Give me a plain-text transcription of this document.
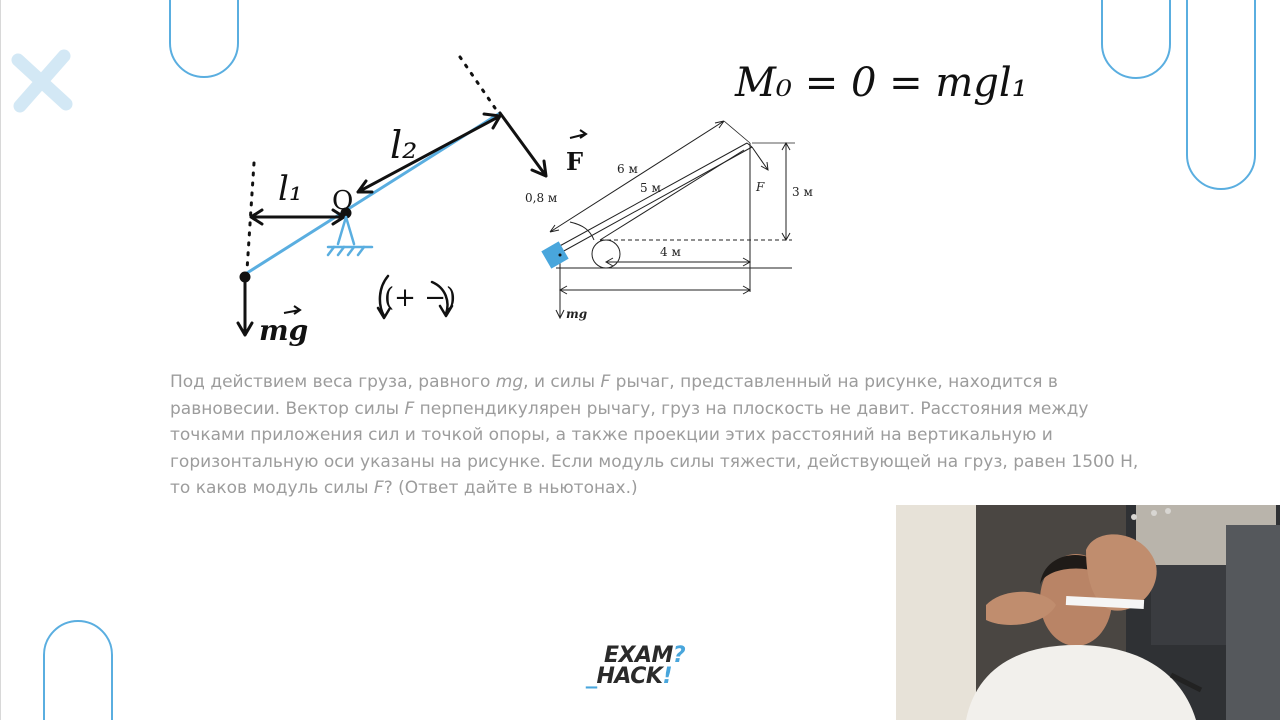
l₁
l₂
O
F
mg
(+ −)
M₀ = 0 = mgl₁
6 м
5 м
0,8 м	3 м
4 м
F
mg

Под действием веса груза, равного mg, и силы F рычаг, представленный на рисунке, находится в равновесии. Вектор силы F перпендикулярен рычагу, груз на плоскость не давит. Расстояния между точками приложения сил и точкой опоры, а также проекции этих расстояний на вертикальную и горизонтальную оси указаны на рисунке. Если модуль силы тяжести, действующей на груз, равен 1500 Н, то каков модуль силы F? (Ответ дайте в ньютонах.)

EXAM?
_HACK!
